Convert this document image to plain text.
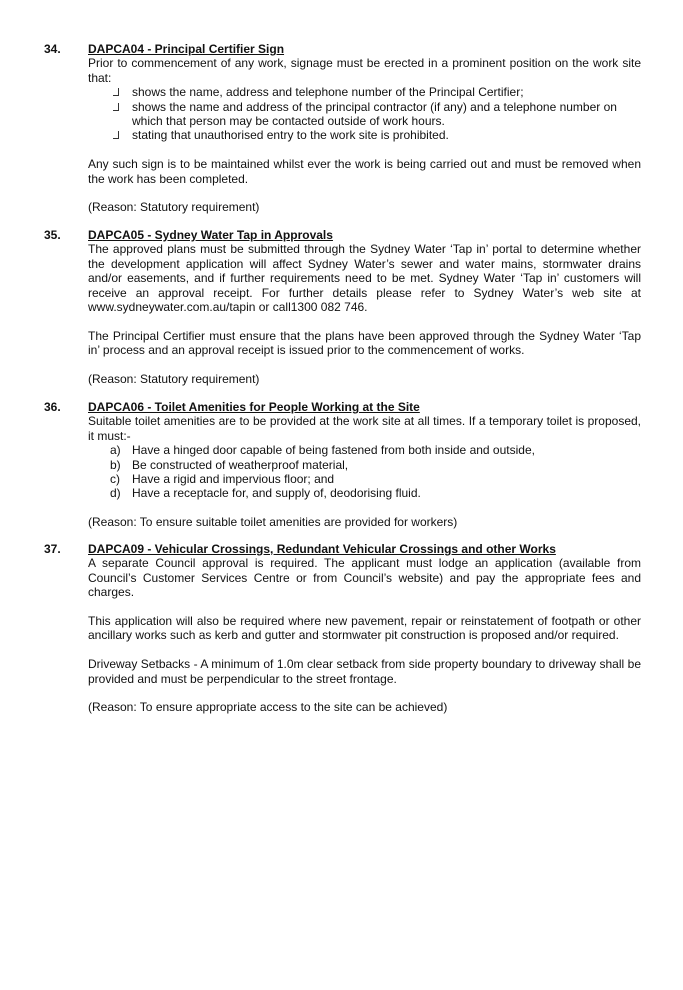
34. DAPCA04 - Principal Certifier Sign

Prior to commencement of any work, signage must be erected in a prominent position on the work site that:

shows the name, address and telephone number of the Principal Certifier;
shows the name and address of the principal contractor (if any) and a telephone number on which that person may be contacted outside of work hours.
stating that unauthorised entry to the work site is prohibited.

Any such sign is to be maintained whilst ever the work is being carried out and must be removed when the work has been completed.

(Reason: Statutory requirement)

35. DAPCA05 - Sydney Water Tap in Approvals

The approved plans must be submitted through the Sydney Water ‘Tap in’ portal to determine whether the development application will affect Sydney Water’s sewer and water mains, stormwater drains and/or easements, and if further requirements need to be met. Sydney Water ‘Tap in’ customers will receive an approval receipt. For further details please refer to Sydney Water’s web site at www.sydneywater.com.au/tapin or call1300 082 746.

The Principal Certifier must ensure that the plans have been approved through the Sydney Water ‘Tap in’ process and an approval receipt is issued prior to the commencement of works.

(Reason: Statutory requirement)

36. DAPCA06 - Toilet Amenities for People Working at the Site

Suitable toilet amenities are to be provided at the work site at all times. If a temporary toilet is proposed, it must:-

a) Have a hinged door capable of being fastened from both inside and outside,
b) Be constructed of weatherproof material,
c)	Have a rigid and impervious floor; and
d) Have a receptacle for, and supply of, deodorising fluid.

(Reason: To ensure suitable toilet amenities are provided for workers)

37. DAPCA09 - Vehicular Crossings, Redundant Vehicular Crossings and other Works

A separate Council approval is required. The applicant must lodge an application (available from Council’s Customer Services Centre or from Council’s website) and pay the appropriate fees and charges.

This application will also be required where new pavement, repair or reinstatement of footpath or other ancillary works such as kerb and gutter and stormwater pit construction is proposed and/or required.

Driveway Setbacks - A minimum of 1.0m clear setback from side property boundary to driveway shall be provided and must be perpendicular to the street frontage.

(Reason: To ensure appropriate access to the site can be achieved)
